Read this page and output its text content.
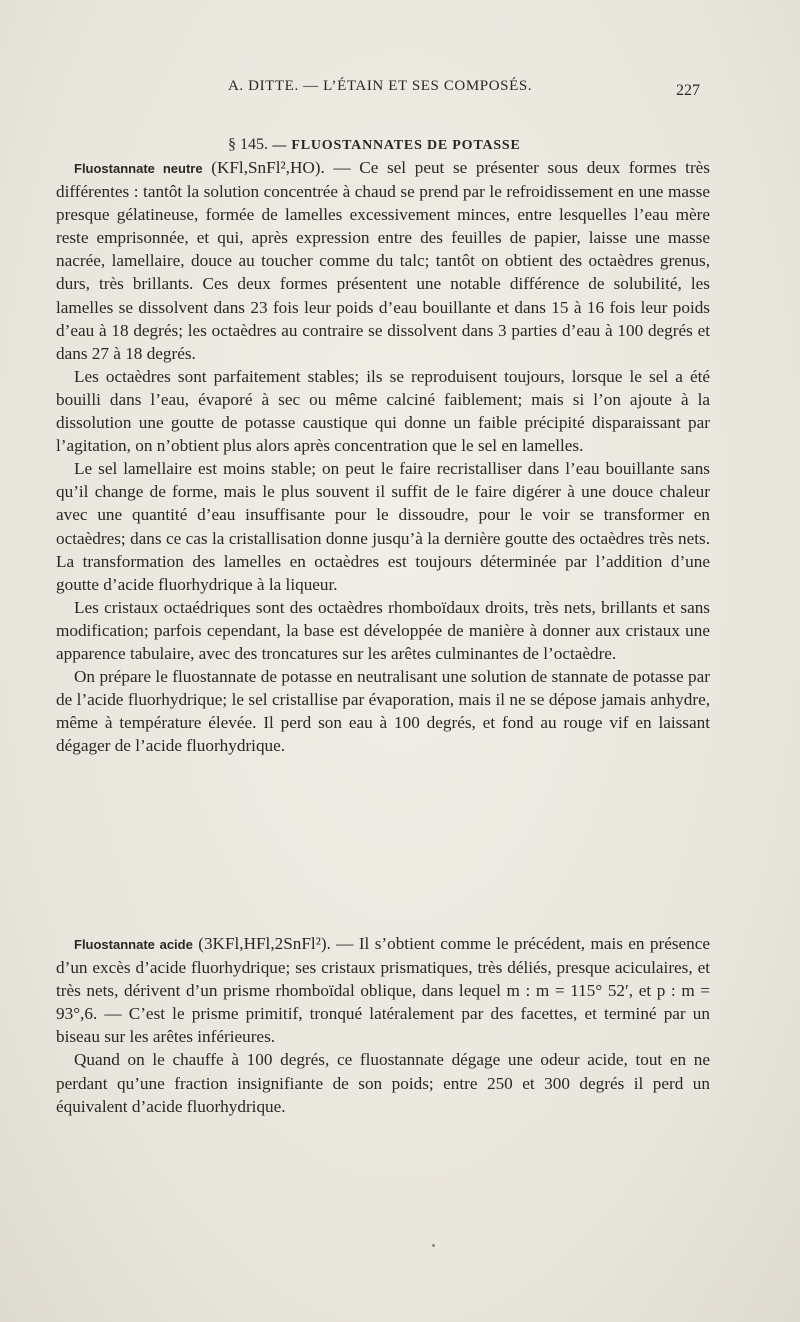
A. DITTE. — L’ÉTAIN ET SES COMPOSÉS.	227
§ 145. — FLUOSTANNATES DE POTASSE

Fluostannate neutre (KFl,SnFl²,HO). — Ce sel peut se présenter sous deux formes très différentes : tantôt la solution concentrée à chaud se prend par le refroidissement en une masse presque gélatineuse, formée de lamelles excessivement minces, entre lesquelles l’eau mère reste emprisonnée, et qui, après expression entre des feuilles de papier, laisse une masse nacrée, lamellaire, douce au toucher comme du talc; tantôt on obtient des octaèdres grenus, durs, très brillants. Ces deux formes présentent une notable différence de solubilité, les lamelles se dissolvent dans 23 fois leur poids d’eau bouillante et dans 15 à 16 fois leur poids d’eau à 18 degrés; les octaèdres au contraire se dissolvent dans 3 parties d’eau à 100 degrés et dans 27 à 18 degrés.

Les octaèdres sont parfaitement stables; ils se reproduisent toujours, lorsque le sel a été bouilli dans l’eau, évaporé à sec ou même calciné faiblement; mais si l’on ajoute à la dissolution une goutte de potasse caustique qui donne un faible précipité disparaissant par l’agitation, on n’obtient plus alors après concentration que le sel en lamelles.

Le sel lamellaire est moins stable; on peut le faire recristalliser dans l’eau bouillante sans qu’il change de forme, mais le plus souvent il suffit de le faire digérer à une douce chaleur avec une quantité d’eau insuffisante pour le dissoudre, pour le voir se transformer en octaèdres; dans ce cas la cristallisation donne jusqu’à la dernière goutte des octaèdres très nets. La transformation des lamelles en octaèdres est toujours déterminée par l’addition d’une goutte d’acide fluorhydrique à la liqueur.

Les cristaux octaédriques sont des octaèdres rhomboïdaux droits, très nets, brillants et sans modification; parfois cependant, la base est développée de manière à donner aux cristaux une apparence tabulaire, avec des troncatures sur les arêtes culminantes de l’octaèdre.

On prépare le fluostannate de potasse en neutralisant une solution de stannate de potasse par de l’acide fluorhydrique; le sel cristallise par évaporation, mais il ne se dépose jamais anhydre, même à température élevée. Il perd son eau à 100 degrés, et fond au rouge vif en laissant dégager de l’acide fluorhydrique.

Fluostannate acide (3KFl,HFl,2SnFl²). — Il s’obtient comme le précédent, mais en présence d’un excès d’acide fluorhydrique; ses cristaux prismatiques, très déliés, presque aciculaires, et très nets, dérivent d’un prisme rhomboïdal oblique, dans lequel m : m = 115° 52′, et p : m = 93°,6. — C’est le prisme primitif, tronqué latéralement par des facettes, et terminé par un biseau sur les arêtes inférieures.

Quand on le chauffe à 100 degrés, ce fluostannate dégage une odeur acide, tout en ne perdant qu’une fraction insignifiante de son poids; entre 250 et 300 degrés il perd un équivalent d’acide fluorhydrique.
